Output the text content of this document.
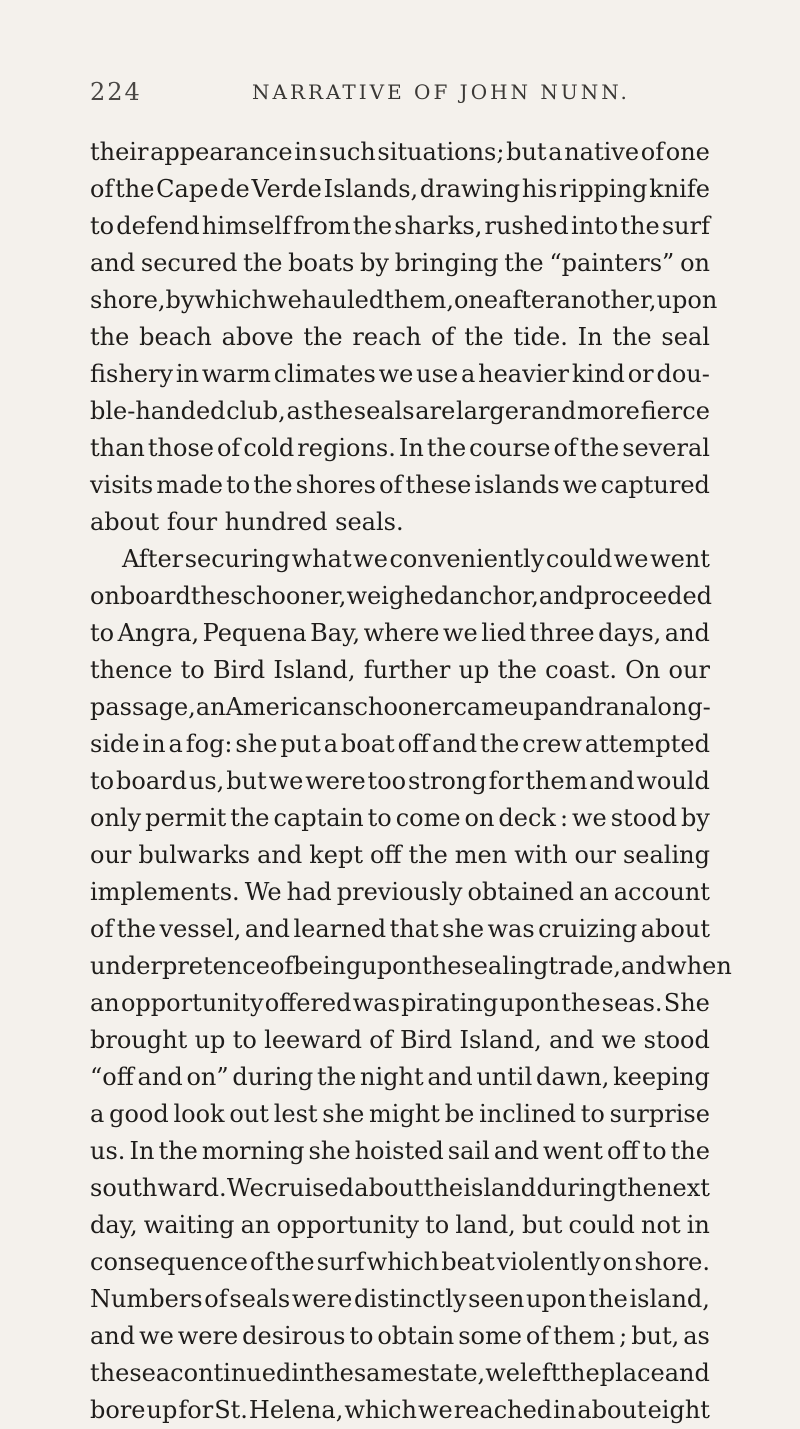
224	NARRATIVE OF JOHN NUNN.
their appearance in such situations; but a native of one
of the Cape de Verde Islands, drawing his ripping knife
to defend himself from the sharks, rushed into the surf
and secured the boats by bringing the “painters” on
shore, by which we hauled them, one after another, upon
the beach above the reach of the tide. In the seal
fishery in warm climates we use a heavier kind or dou-
ble-handed club, as the seals are larger and more fierce
than those of cold regions. In the course of the several
visits made to the shores of these islands we captured
about four hundred seals.
After securing what we conveniently could we went
on board the schooner, weighed anchor, and proceeded
to Angra, Pequena Bay, where we lied three days, and
thence to Bird Island, further up the coast. On our
passage, an American schooner came up and ran along-
side in a fog: she put a boat off and the crew attempted
to board us, but we were too strong for them and would
only permit the captain to come on deck : we stood by
our bulwarks and kept off the men with our sealing
implements. We had previously obtained an account
of the vessel, and learned that she was cruizing about
under pretence of being upon the sealing trade, and when
an opportunity offered was pirating upon the seas. She
brought up to leeward of Bird Island, and we stood
“off and on” during the night and until dawn, keeping
a good look out lest she might be inclined to surprise
us. In the morning she hoisted sail and went off to the
southward. We cruised about the island during the next
day, waiting an opportunity to land, but could not in
consequence of the surf which beat violently on shore.
Numbers of seals were distinctly seen upon the island,
and we were desirous to obtain some of them ; but, as
the sea continued in the same state, we left the place and
bore up for St. Helena, which we reached in about eight
